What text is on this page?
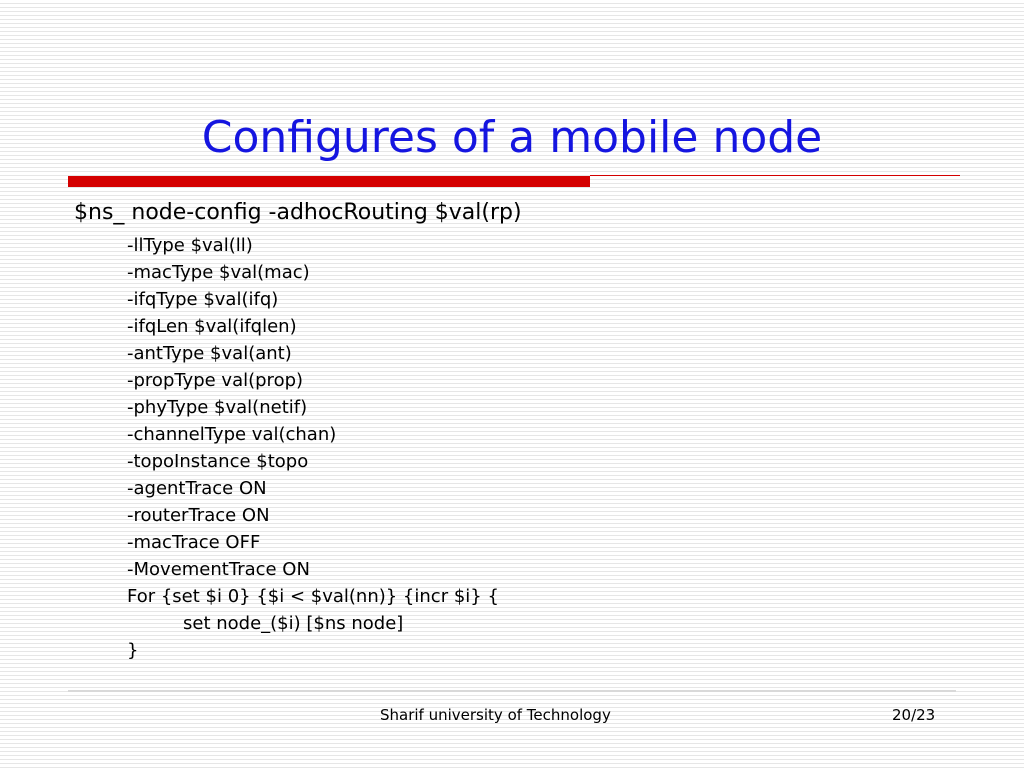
Configures of a mobile node
$ns_ node-config -adhocRouting $val(rp)
-llType $val(ll)
-macType $val(mac)
-ifqType $val(ifq)
-ifqLen $val(ifqlen)
-antType $val(ant)
-propType val(prop)
-phyType $val(netif)
-channelType val(chan)
-topoInstance $topo
-agentTrace ON
-routerTrace ON
-macTrace OFF
-MovementTrace ON
For {set $i 0} {$i < $val(nn)} {incr $i} {
set node_($i) [$ns node]
}
Sharif university of Technology	20/23
